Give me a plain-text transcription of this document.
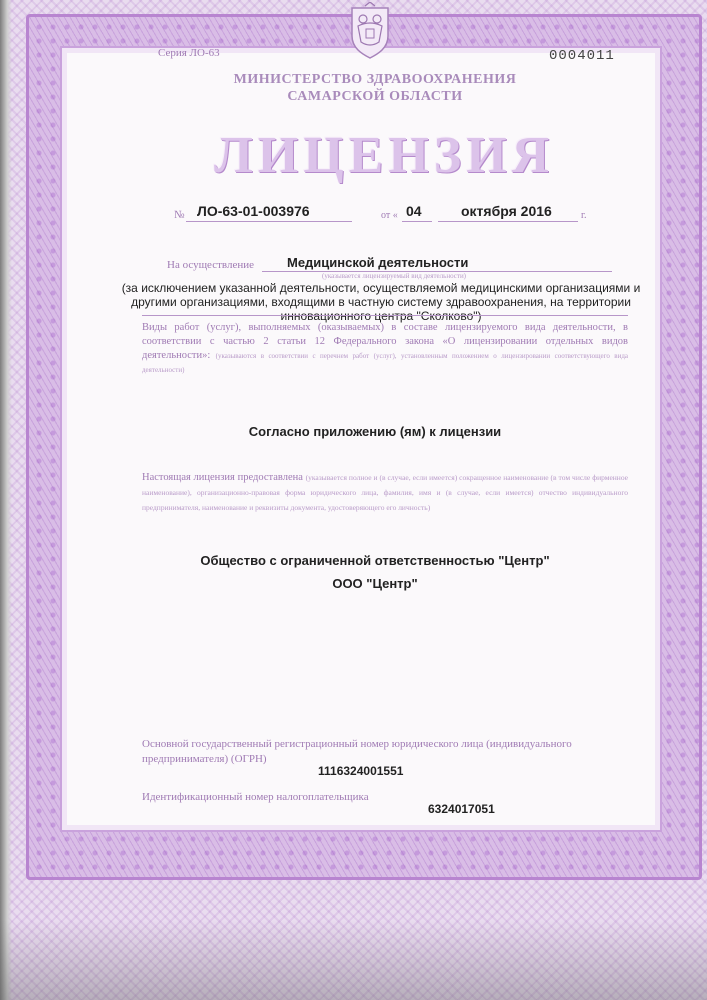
Серия ЛО-63	0004011
МИНИСТЕРСТВО ЗДРАВООХРАНЕНИЯ
САМАРСКОЙ ОБЛАСТИ
ЛИЦЕНЗИЯ
№ ЛО-63-01-003976	от « 04	октября 2016	г.
На осуществление	Медицинской деятельности
(указывается лицензируемый вид деятельности)
(за исключением указанной деятельности, осуществляемой медицинскими организациями и другими организациями, входящими в частную систему здравоохранения, на территории инновационного центра "Сколково")
Виды работ (услуг), выполняемых (оказываемых) в составе лицензируемого вида деятельности, в соответствии с частью 2 статьи 12 Федерального закона «О лицензировании отдельных видов деятельности»: (указываются в соответствии с перечнем работ (услуг), установленным положением о лицензировании соответствующего вида деятельности)
Согласно приложению (ям) к лицензии
Настоящая лицензия предоставлена (указывается полное и (в случае, если имеется) сокращенное наименование (в том числе фирменное наименование), организационно-правовая форма юридического лица, фамилия, имя и (в случае, если имеется) отчество индивидуального предпринимателя, наименование и реквизиты документа, удостоверяющего его личность)
Общество с ограниченной ответственностью "Центр"
ООО "Центр"
Основной государственный регистрационный номер юридического лица (индивидуального предпринимателя) (ОГРН)
1116324001551
Идентификационный номер налогоплательщика
6324017051
